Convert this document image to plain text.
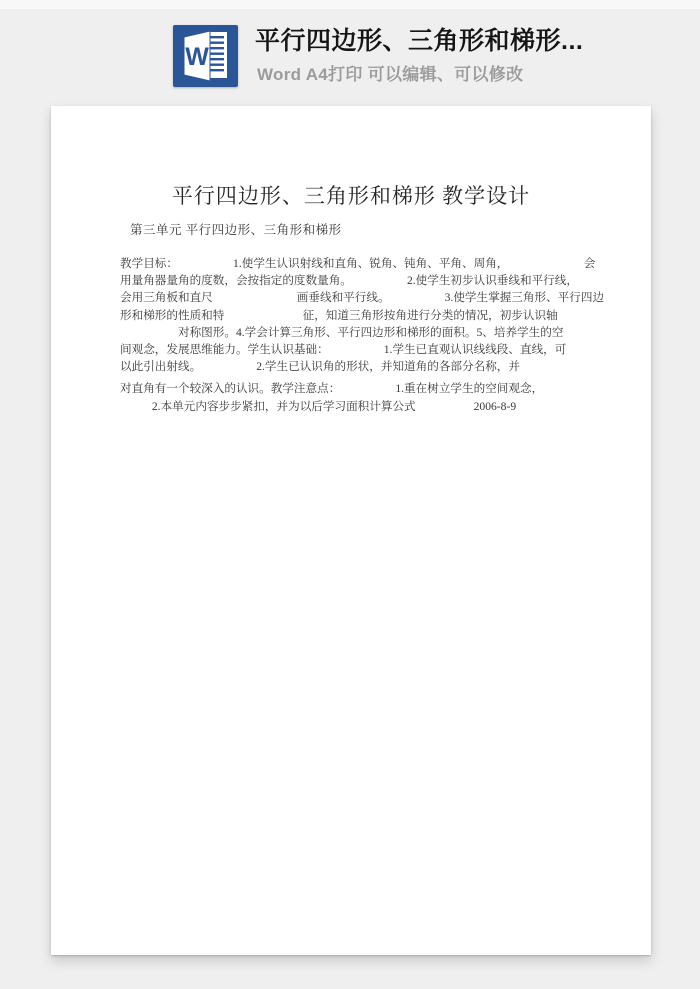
W
平行四边形、三角形和梯形...

Word A4打印 可以编辑、可以修改

平行四边形、三角形和梯形 教学设计
第三单元 平行四边形、三角形和梯形
教学目标：                   1.使学生认识射线和直角、锐角、钝角、平角、周角，                          会
用量角器量角的度数，会按指定的度数量角。                   2.使学生初步认识垂线和平行线，
会用三角板和直尺                             画垂线和平行线。                   3.使学生掌握三角形、平行四边
形和梯形的性质和特                           征，知道三角形按角进行分类的情况，初步认识轴
对称图形。4.学会计算三角形、平行四边形和梯形的面积。5、培养学生的空
间观念，发展思维能力。学生认识基础：                   1.学生已直观认识线线段、直线，可
以此引出射线。                   2.学生已认识角的形状，并知道角的各部分名称，并
对直角有一个较深入的认识。教学注意点：                   1.重在树立学生的空间观念，
2.本单元内容步步紧扣，并为以后学习面积计算公式                    2006-8-9
